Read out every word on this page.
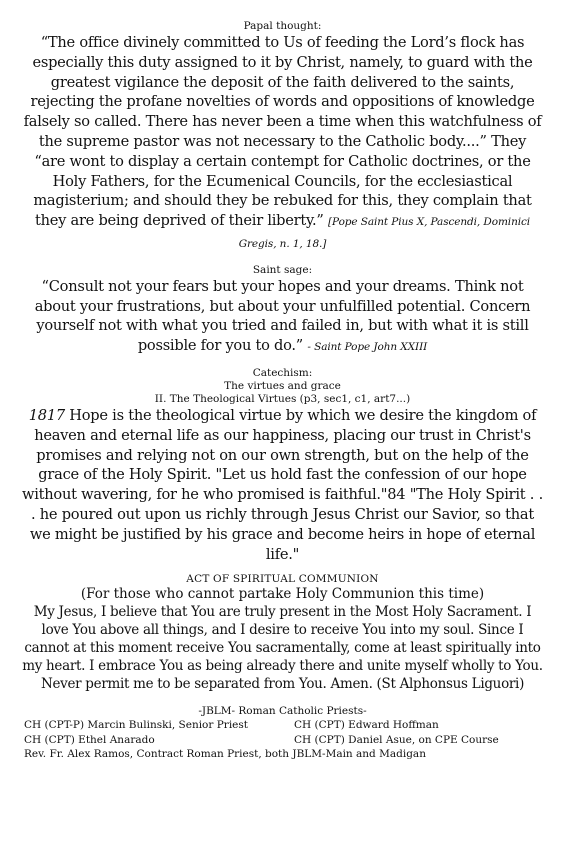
Papal thought:
“The office divinely committed to Us of feeding the Lord’s flock has especially this duty assigned to it by Christ, namely, to guard with the greatest vigilance the deposit of the faith delivered to the saints, rejecting the profane novelties of words and oppositions of knowledge falsely so called. There has never been a time when this watchfulness of the supreme pastor was not necessary to the Catholic body....” They “are wont to display a certain contempt for Catholic doctrines, or the Holy Fathers, for the Ecumenical Councils, for the ecclesiastical magisterium; and should they be rebuked for this, they complain that they are being deprived of their liberty.” [Pope Saint Pius X, Pascendi, Dominici Gregis, n. 1, 18.]
Saint sage:
“Consult not your fears but your hopes and your dreams. Think not about your frustrations, but about your unfulfilled potential. Concern yourself not with what you tried and failed in, but with what it is still possible for you to do.” - Saint Pope John XXIII
Catechism:
The virtues and grace
II. The Theological Virtues (p3, sec1, c1, art7...)
1817 Hope is the theological virtue by which we desire the kingdom of heaven and eternal life as our happiness, placing our trust in Christ's promises and relying not on our own strength, but on the help of the grace of the Holy Spirit. "Let us hold fast the confession of our hope without wavering, for he who promised is faithful."84 "The Holy Spirit . . . he poured out upon us richly through Jesus Christ our Savior, so that we might be justified by his grace and become heirs in hope of eternal life."
ACT OF SPIRITUAL COMMUNION
(For those who cannot partake Holy Communion this time)
My Jesus, I believe that You are truly present in the Most Holy Sacrament. I love You above all things, and I desire to receive You into my soul. Since I cannot at this moment receive You sacramentally, come at least spiritually into my heart. I embrace You as being already there and unite myself wholly to You. Never permit me to be separated from You. Amen. (St Alphonsus Liguori)
-JBLM- Roman Catholic Priests-
CH (CPT-P) Marcin Bulinski, Senior Priest	CH (CPT) Edward Hoffman
CH (CPT) Ethel Anarado	CH (CPT) Daniel Asue, on CPE Course
Rev. Fr. Alex Ramos, Contract Roman Priest, both JBLM-Main and Madigan
